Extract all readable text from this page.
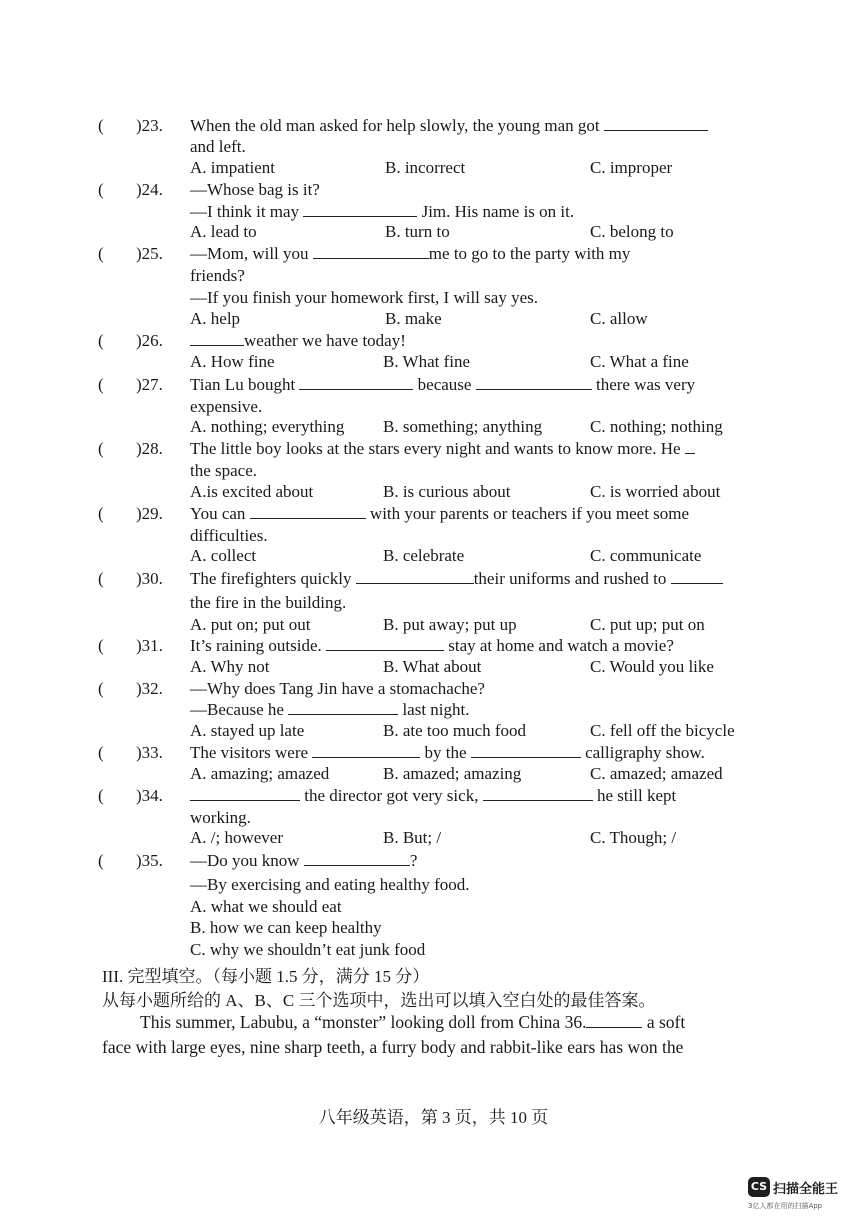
( )23. When the old man asked for help slowly, the young man got
and left.
A. impatient	B. incorrect	C. improper
( )24. —Whose bag is it?
—I think it may	Jim. His name is on it.
A. lead to	B. turn to	C. belong to
( )25. —Mom, will you	me to go to the party with my
friends?
—If you finish your homework first, I will say yes.
A. help	B. make	C. allow
( )26.	weather we have today!
A. How fine	B. What fine	C. What a fine
( )27. Tian Lu bought	because	there was very
expensive.
A. nothing; everything B. something; anything	C. nothing; nothing
( )28. The little boy looks at the stars every night and wants to know more. He
the space.
A.is excited about	B. is curious about	C. is worried about
( )29. You can	with your parents or teachers if you meet some
difficulties.
A. collect	B. celebrate	C. communicate
( )30. The firefighters quickly	their uniforms and rushed to
the fire in the building.
A. put on; put out	B. put away; put up	C. put up; put on
( )31. It’s raining outside.	stay at home and watch a movie?
A. Why not	B. What about	C. Would you like
( )32. —Why does Tang Jin have a stomachache?
—Because he	last night.
A. stayed up late	B. ate too much food	C. fell off the bicycle
( )33. The visitors were	by the	calligraphy show.
A. amazing; amazed	B. amazed; amazing	C. amazed; amazed
( )34.	the director got very sick,	he still kept
working.
A. /; however	B. But; /	C. Though; /
( )35. —Do you know	?
—By exercising and eating healthy food.
A. what we should eat
B. how we can keep healthy
C. why we shouldn’t eat junk food
III. 完型填空。（每小题 1.5 分，满分 15 分）
从每小题所给的 A、B、C 三个选项中，选出可以填入空白处的最佳答案。
This summer, Labubu, a “monster” looking doll from China 36.	a soft
face with large eyes, nine sharp teeth, a furry body and rabbit-like ears has won the
八年级英语，第 3 页，共 10 页
CS 扫描全能王
3亿人都在用的扫描App
